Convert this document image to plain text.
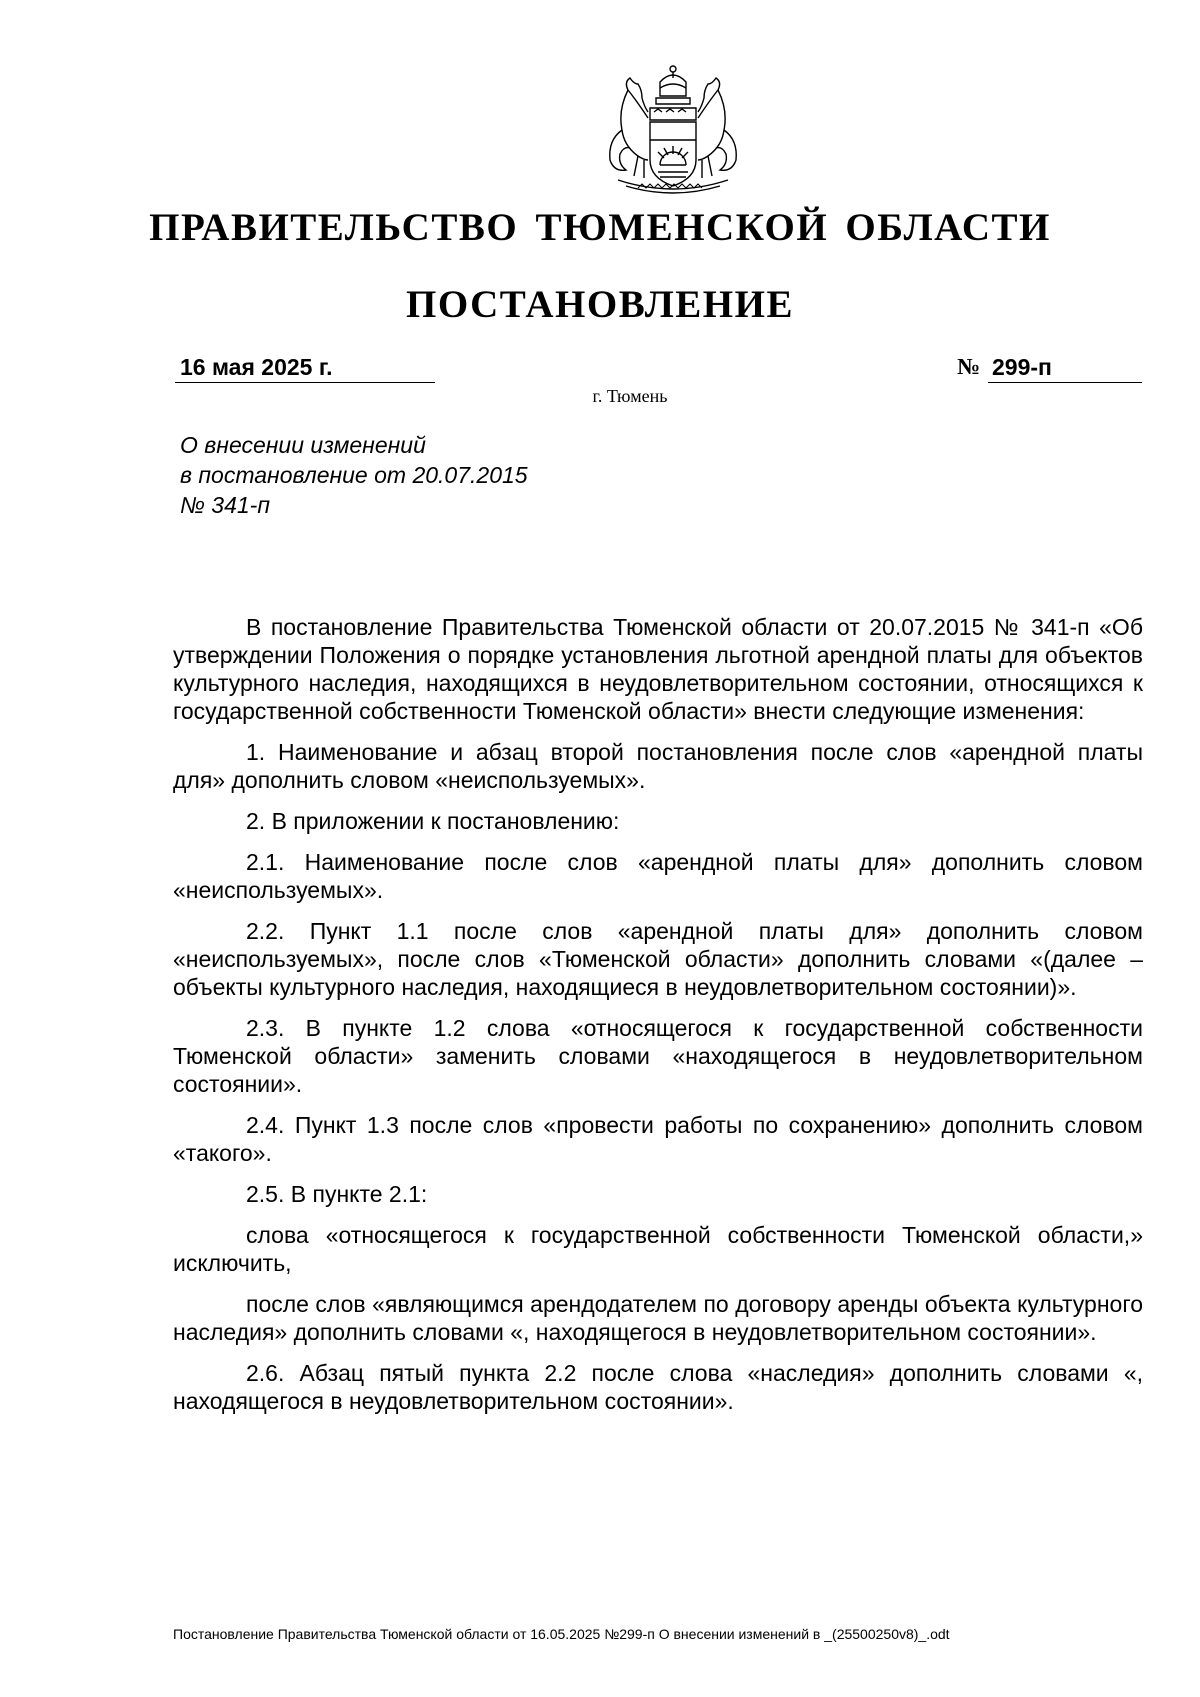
ПРАВИТЕЛЬСТВО ТЮМЕНСКОЙ ОБЛАСТИ
ПОСТАНОВЛЕНИЕ
16 мая 2025 г.	№ 299-п
г. Тюмень
О внесении изменений
в постановление от 20.07.2015
№ 341-п

В постановление Правительства Тюменской области от 20.07.2015 № 341-п «Об утверждении Положения о порядке установления льготной арендной платы для объектов культурного наследия, находящихся в неудовлетворительном состоянии, относящихся к государственной собственности Тюменской области» внести следующие изменения:

1. Наименование и абзац второй постановления после слов «арендной платы для» дополнить словом «неиспользуемых».

2. В приложении к постановлению:

2.1. Наименование после слов «арендной платы для» дополнить словом «неиспользуемых».

2.2. Пункт 1.1 после слов «арендной платы для» дополнить словом «неиспользуемых», после слов «Тюменской области» дополнить словами «(далее – объекты культурного наследия, находящиеся в неудовлетворительном состоянии)».

2.3. В пункте 1.2 слова «относящегося к государственной собственности Тюменской области» заменить словами «находящегося в неудовлетворительном состоянии».

2.4. Пункт 1.3 после слов «провести работы по сохранению» дополнить словом «такого».

2.5. В пункте 2.1:

слова «относящегося к государственной собственности Тюменской области,» исключить,

после слов «являющимся арендодателем по договору аренды объекта культурного наследия» дополнить словами «, находящегося в неудовлетворительном состоянии».

2.6. Абзац пятый пункта 2.2 после слова «наследия» дополнить словами «, находящегося в неудовлетворительном состоянии».

Постановление Правительства Тюменской области от 16.05.2025 №299-п О внесении изменений в _(25500250v8)_.odt
